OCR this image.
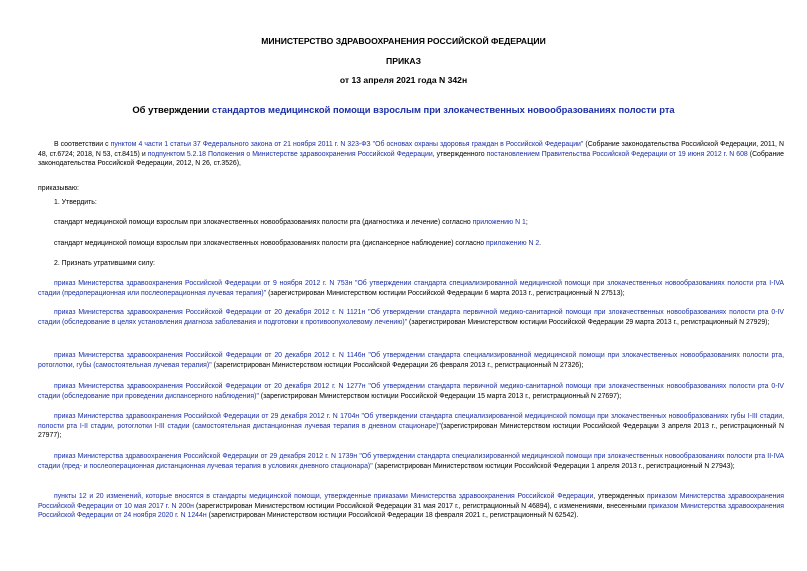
МИНИСТЕРСТВО ЗДРАВООХРАНЕНИЯ РОССИЙСКОЙ ФЕДЕРАЦИИ
ПРИКАЗ
от 13 апреля 2021 года N 342н
Об утверждении стандартов медицинской помощи взрослым при злокачественных новообразованиях полости рта
В соответствии с пунктом 4 части 1 статьи 37 Федерального закона от 21 ноября 2011 г. N 323-ФЗ "Об основах охраны здоровья граждан в Российской Федерации" (Собрание законодательства Российской Федерации, 2011, N 48, ст.6724; 2018, N 53, ст.8415) и подпунктом 5.2.18 Положения о Министерстве здравоохранения Российской Федерации, утвержденного постановлением Правительства Российской Федерации от 19 июня 2012 г. N 608 (Собрание законодательства Российской Федерации, 2012, N 26, ст.3526),
приказываю:
1. Утвердить:
стандарт медицинской помощи взрослым при злокачественных новообразованиях полости рта (диагностика и лечение) согласно приложению N 1;
стандарт медицинской помощи взрослым при злокачественных новообразованиях полости рта (диспансерное наблюдение) согласно приложению N 2.
2. Признать утратившими силу:
приказ Министерства здравоохранения Российской Федерации от 9 ноября 2012 г. N 753н "Об утверждении стандарта специализированной медицинской помощи при злокачественных новообразованиях полости рта I-IVA стадии (предоперационная или послеоперационная лучевая терапия)" (зарегистрирован Министерством юстиции Российской Федерации 6 марта 2013 г., регистрационный N 27513);
приказ Министерства здравоохранения Российской Федерации от 20 декабря 2012 г. N 1121н "Об утверждении стандарта первичной медико-санитарной помощи при злокачественных новообразованиях полости рта 0-IV стадии (обследование в целях установления диагноза заболевания и подготовки к противоопухолевому лечению)" (зарегистрирован Министерством юстиции Российской Федерации 29 марта 2013 г., регистрационный N 27929);
приказ Министерства здравоохранения Российской Федерации от 20 декабря 2012 г. N 1146н "Об утверждении стандарта специализированной медицинской помощи при злокачественных новообразованиях полости рта, ротоглотки, губы (самостоятельная лучевая терапия)" (зарегистрирован Министерством юстиции Российской Федерации 26 февраля 2013 г., регистрационный N 27326);
приказ Министерства здравоохранения Российской Федерации от 20 декабря 2012 г. N 1277н "Об утверждении стандарта первичной медико-санитарной помощи при злокачественных новообразованиях полости рта 0-IV стадии (обследование при проведении диспансерного наблюдения)" (зарегистрирован Министерством юстиции Российской Федерации 15 марта 2013 г., регистрационный N 27697);
приказ Министерства здравоохранения Российской Федерации от 29 декабря 2012 г. N 1704н "Об утверждении стандарта специализированной медицинской помощи при злокачественных новообразованиях губы I-III стадии, полости рта I-II стадии, ротоглотки I-III стадии (самостоятельная дистанционная лучевая терапия в дневном стационаре)"(зарегистрирован Министерством юстиции Российской Федерации 3 апреля 2013 г., регистрационный N 27977);
приказ Министерства здравоохранения Российской Федерации от 29 декабря 2012 г. N 1739н "Об утверждении стандарта специализированной медицинской помощи при злокачественных новообразованиях полости рта II-IVA стадии (пред- и послеоперационная дистанционная лучевая терапия в условиях дневного стационара)" (зарегистрирован Министерством юстиции Российской Федерации 1 апреля 2013 г., регистрационный N 27943);
пункты 12 и 20 изменений, которые вносятся в стандарты медицинской помощи, утвержденные приказами Министерства здравоохранения Российской Федерации, утвержденных приказом Министерства здравоохранения Российской Федерации от 10 мая 2017 г. N 200н (зарегистрирован Министерством юстиции Российской Федерации 31 мая 2017 г., регистрационный N 46894), с изменениями, внесенными приказом Министерства здравоохранения Российской Федерации от 24 ноября 2020 г. N 1244н (зарегистрирован Министерством юстиции Российской Федерации 18 февраля 2021 г., регистрационный N 62542).
